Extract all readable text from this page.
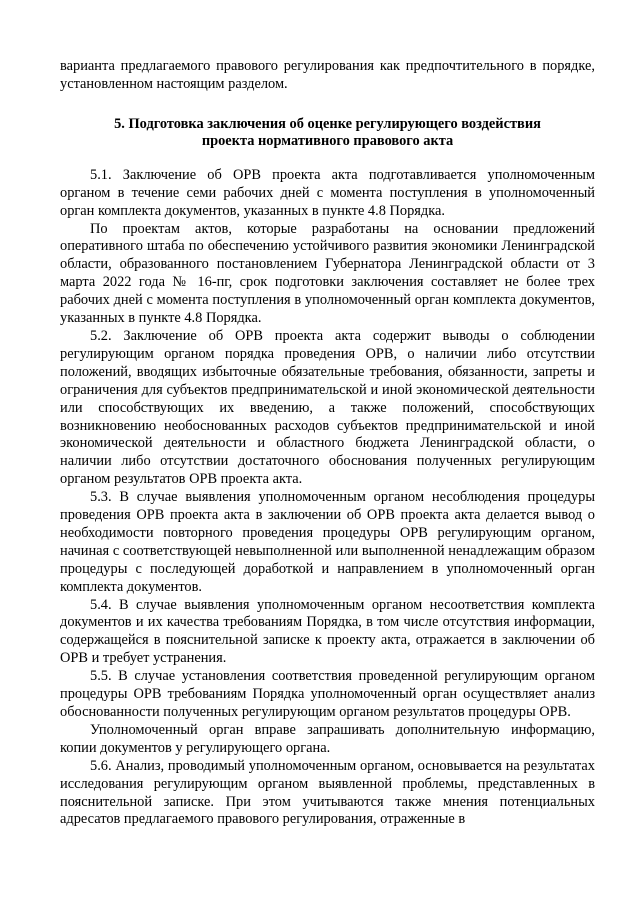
варианта предлагаемого правового регулирования как предпочтительного в порядке, установленном настоящим разделом.

5. Подготовка заключения об оценке регулирующего воздействия
проекта нормативного правового акта

5.1. Заключение об ОРВ проекта акта подготавливается уполномоченным органом в течение семи рабочих дней с момента поступления в уполномоченный орган комплекта документов, указанных в пункте 4.8 Порядка.

По проектам актов, которые разработаны на основании предложений оперативного штаба по обеспечению устойчивого развития экономики Ленинградской области, образованного постановлением Губернатора Ленинградской области от 3 марта 2022 года № 16-пг, срок подготовки заключения составляет не более трех рабочих дней с момента поступления в уполномоченный орган комплекта документов, указанных в пункте 4.8 Порядка.

5.2. Заключение об ОРВ проекта акта содержит выводы о соблюдении регулирующим органом порядка проведения ОРВ, о наличии либо отсутствии положений, вводящих избыточные обязательные требования, обязанности, запреты и ограничения для субъектов предпринимательской и иной экономической деятельности или способствующих их введению, а также положений, способствующих возникновению необоснованных расходов субъектов предпринимательской и иной экономической деятельности и областного бюджета Ленинградской области, о наличии либо отсутствии достаточного обоснования полученных регулирующим органом результатов ОРВ проекта акта.

5.3. В случае выявления уполномоченным органом несоблюдения процедуры проведения ОРВ проекта акта в заключении об ОРВ проекта акта делается вывод о необходимости повторного проведения процедуры ОРВ регулирующим органом, начиная с соответствующей невыполненной или выполненной ненадлежащим образом процедуры с последующей доработкой и направлением в уполномоченный орган комплекта документов.

5.4. В случае выявления уполномоченным органом несоответствия комплекта документов и их качества требованиям Порядка, в том числе отсутствия информации, содержащейся в пояснительной записке к проекту акта, отражается в заключении об ОРВ и требует устранения.

5.5. В случае установления соответствия проведенной регулирующим органом процедуры ОРВ требованиям Порядка уполномоченный орган осуществляет анализ обоснованности полученных регулирующим органом результатов процедуры ОРВ.

Уполномоченный орган вправе запрашивать дополнительную информацию, копии документов у регулирующего органа.

5.6. Анализ, проводимый уполномоченным органом, основывается на результатах исследования регулирующим органом выявленной проблемы, представленных в пояснительной записке. При этом учитываются также мнения потенциальных адресатов предлагаемого правового регулирования, отраженные в
